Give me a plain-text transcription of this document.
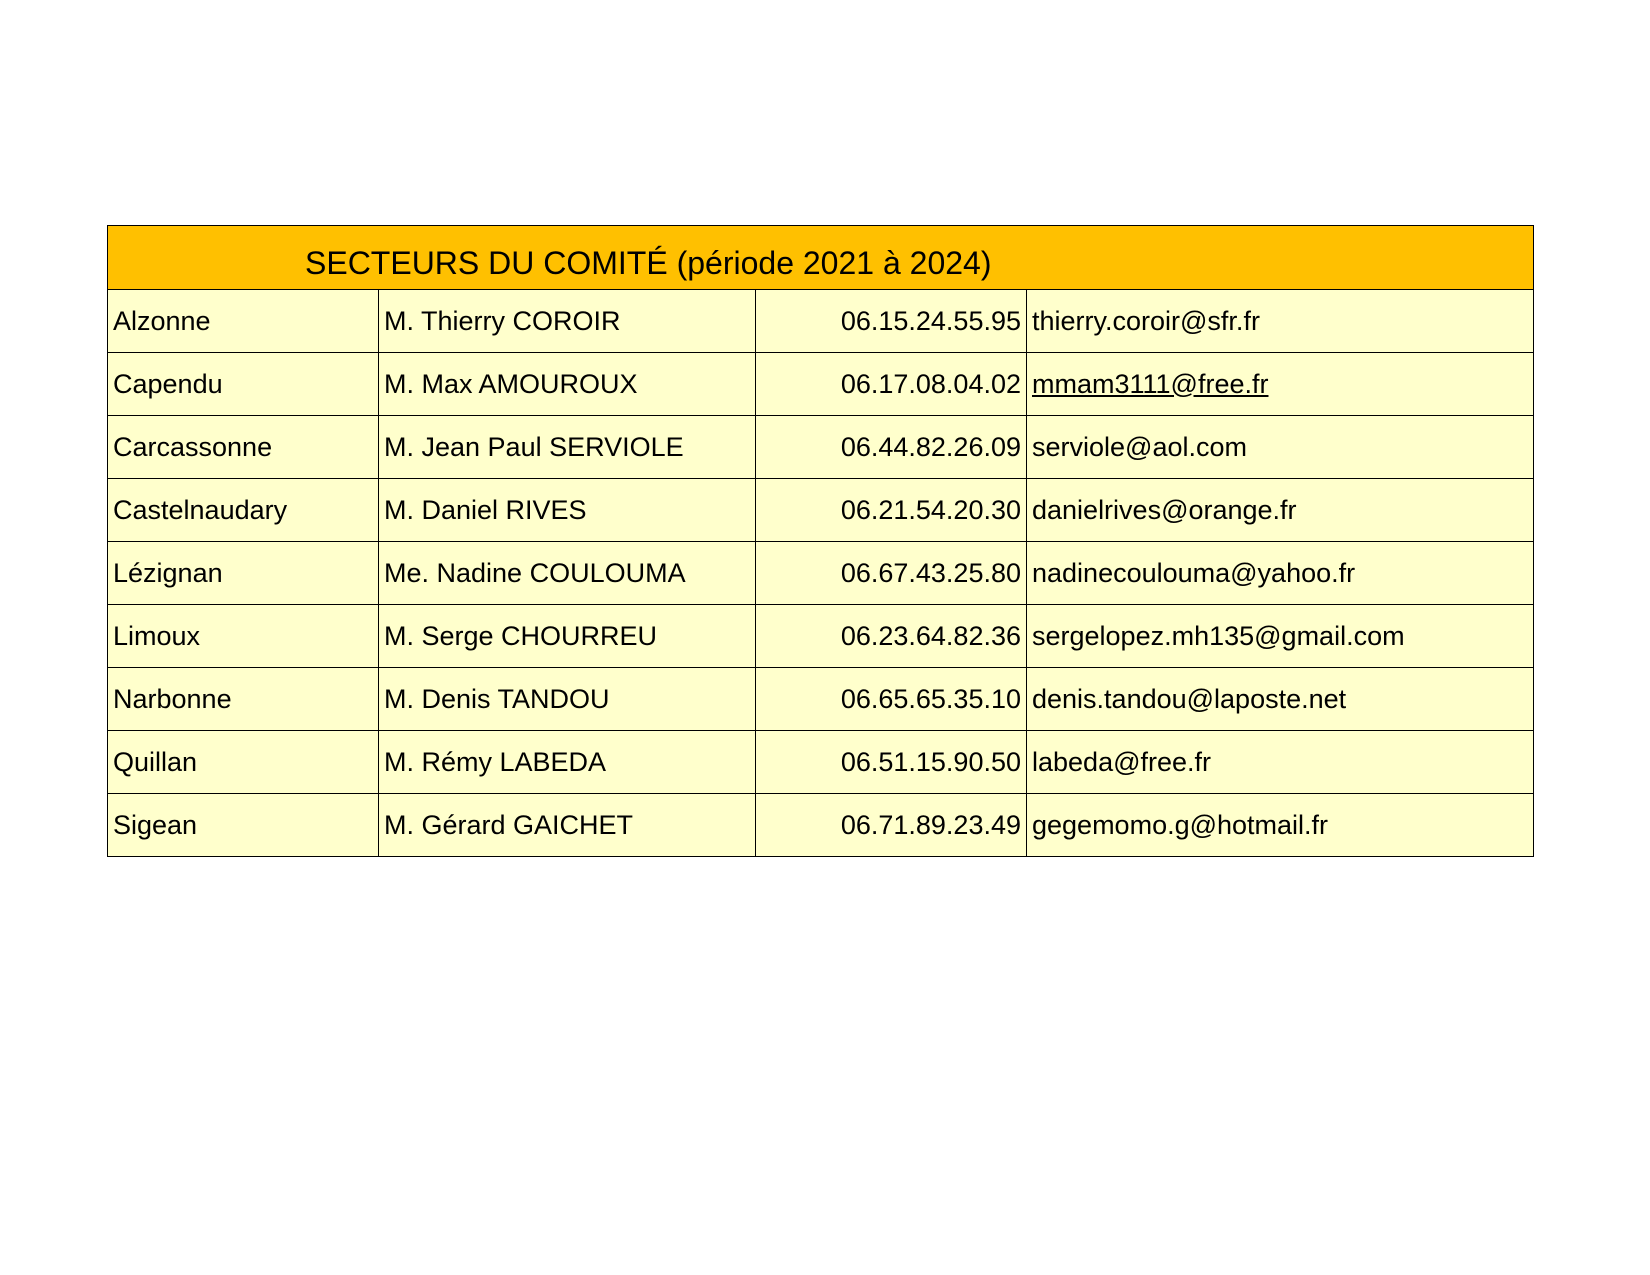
SECTEURS DU COMITÉ (période 2021 à 2024)			
Alzonne	M. Thierry COROIR	06.15.24.55.95	thierry.coroir@sfr.fr
Capendu	M. Max AMOUROUX	06.17.08.04.02	mmam3111@free.fr
Carcassonne	M. Jean Paul SERVIOLE	06.44.82.26.09	serviole@aol.com
Castelnaudary	M. Daniel RIVES	06.21.54.20.30	danielrives@orange.fr
Lézignan	Me. Nadine COULOUMA	06.67.43.25.80	nadinecoulouma@yahoo.fr
Limoux	M. Serge CHOURREU	06.23.64.82.36	sergelopez.mh135@gmail.com
Narbonne	M. Denis TANDOU	06.65.65.35.10	denis.tandou@laposte.net
Quillan	M. Rémy LABEDA	06.51.15.90.50	labeda@free.fr
Sigean	M. Gérard GAICHET	06.71.89.23.49	gegemomo.g@hotmail.fr
